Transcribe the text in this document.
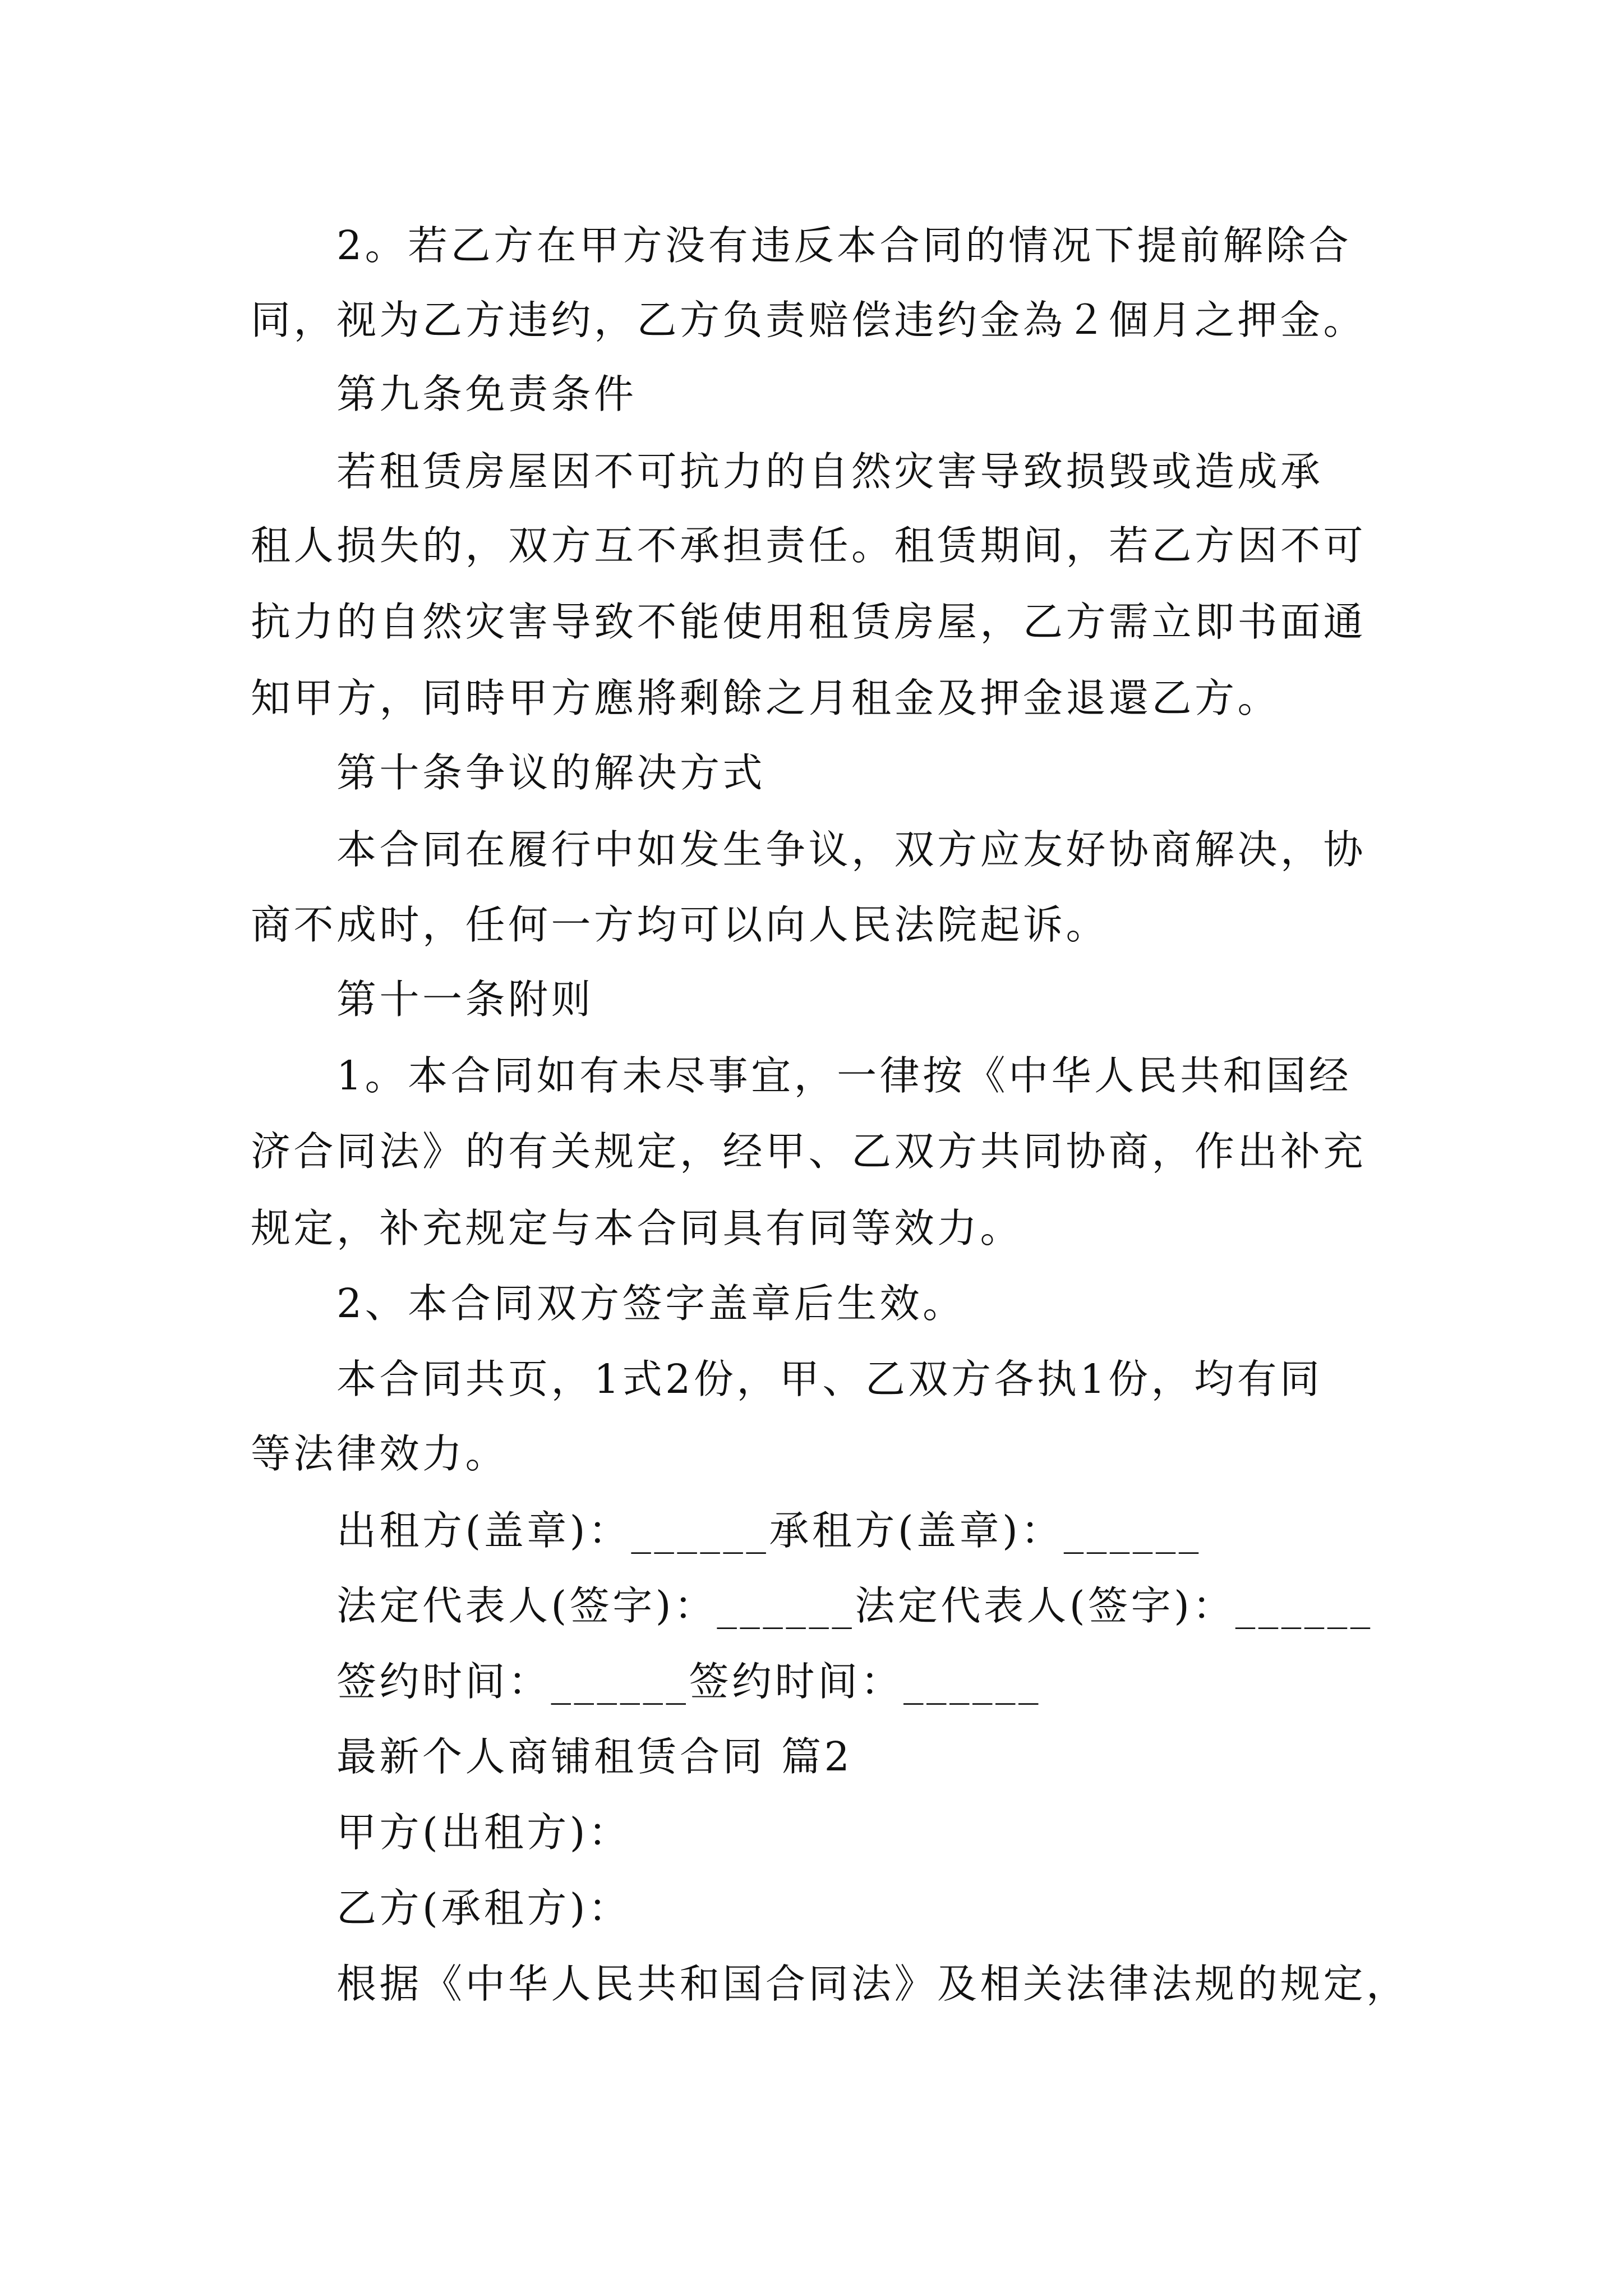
2。若乙方在甲方没有违反本合同的情况下提前解除合
同，视为乙方违约，乙方负责赔偿违约金為２個月之押金。
第九条免责条件
若租赁房屋因不可抗力的自然灾害导致损毁或造成承
租人损失的，双方互不承担责任。租赁期间，若乙方因不可
抗力的自然灾害导致不能使用租赁房屋，乙方需立即书面通
知甲方，同時甲方應將剩餘之月租金及押金退還乙方。
第十条争议的解决方式
本合同在履行中如发生争议，双方应友好协商解决，协
商不成时，任何一方均可以向人民法院起诉。
第十一条附则
1。本合同如有未尽事宜，一律按《中华人民共和国经
济合同法》的有关规定，经甲、乙双方共同协商，作出补充
规定，补充规定与本合同具有同等效力。
2、本合同双方签字盖章后生效。
本合同共页，1式2份，甲、乙双方各执1份，均有同
等法律效力。
出租方(盖章)：______承租方(盖章)：______
法定代表人(签字)：______法定代表人(签字)：______
签约时间：______签约时间：______
最新个人商铺租赁合同 篇2
甲方(出租方)：
乙方(承租方)：
根据《中华人民共和国合同法》及相关法律法规的规定，
